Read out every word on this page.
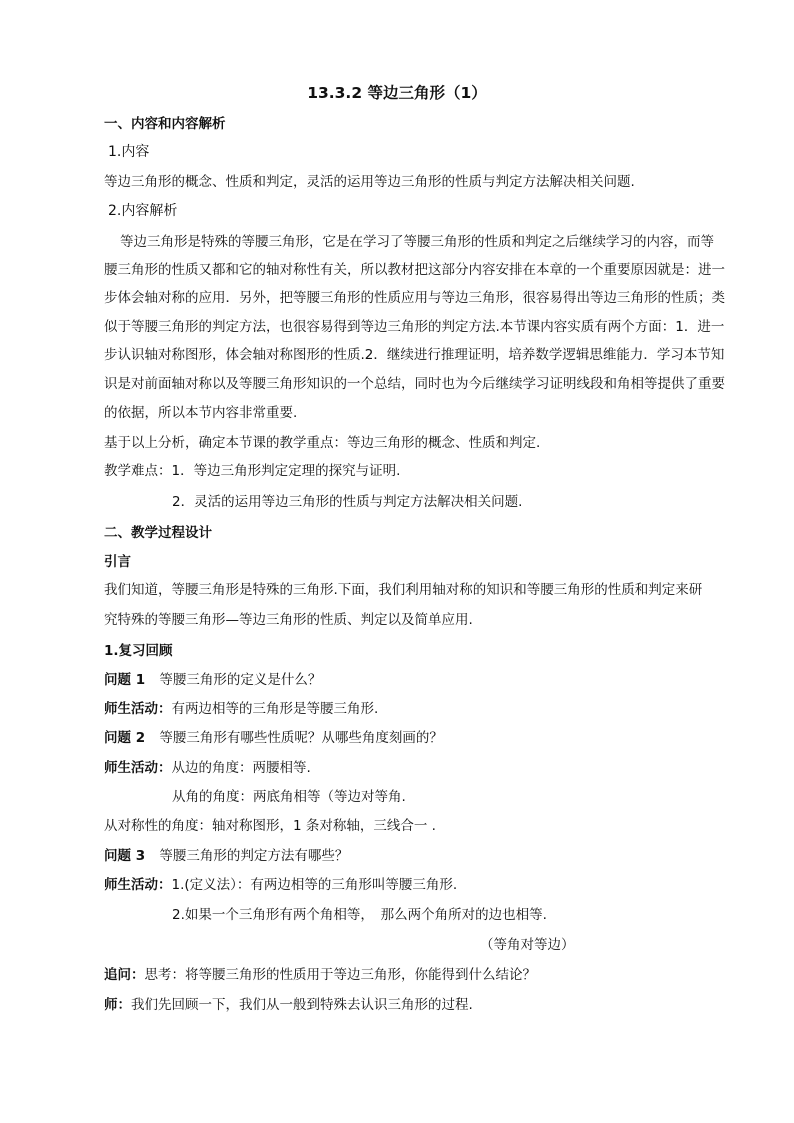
13.3.2 等边三角形（1）
一、内容和内容解析
1.内容
等边三角形的概念、性质和判定，灵活的运用等边三角形的性质与判定方法解决相关问题.
2.内容解析
等边三角形是特殊的等腰三角形，它是在学习了等腰三角形的性质和判定之后继续学习的内容，而等
腰三角形的性质又都和它的轴对称性有关，所以教材把这部分内容安排在本章的一个重要原因就是：进一
步体会轴对称的应用．另外，把等腰三角形的性质应用与等边三角形，很容易得出等边三角形的性质；类
似于等腰三角形的判定方法，也很容易得到等边三角形的判定方法.本节课内容实质有两个方面：1．进一
步认识轴对称图形，体会轴对称图形的性质.2．继续进行推理证明，培养数学逻辑思维能力．学习本节知
识是对前面轴对称以及等腰三角形知识的一个总结，同时也为今后继续学习证明线段和角相等提供了重要
的依据，所以本节内容非常重要.
基于以上分析，确定本节课的教学重点：等边三角形的概念、性质和判定.
教学难点：1．等边三角形判定定理的探究与证明.
2．灵活的运用等边三角形的性质与判定方法解决相关问题.
二、教学过程设计
引言
我们知道，等腰三角形是特殊的三角形.下面，我们利用轴对称的知识和等腰三角形的性质和判定来研
究特殊的等腰三角形—等边三角形的性质、判定以及简单应用.
1.复习回顾
问题 1 等腰三角形的定义是什么？
师生活动：有两边相等的三角形是等腰三角形.
问题 2 等腰三角形有哪些性质呢？从哪些角度刻画的？
师生活动：从边的角度：两腰相等.
从角的角度：两底角相等（等边对等角.
从对称性的角度：轴对称图形，1 条对称轴，三线合一 .
问题 3 等腰三角形的判定方法有哪些？
师生活动：1.(定义法）：有两边相等的三角形叫等腰三角形.
2.如果一个三角形有两个角相等，　那么两个角所对的边也相等.
（等角对等边）
追问：思考：将等腰三角形的性质用于等边三角形，你能得到什么结论？
师：我们先回顾一下，我们从一般到特殊去认识三角形的过程.
